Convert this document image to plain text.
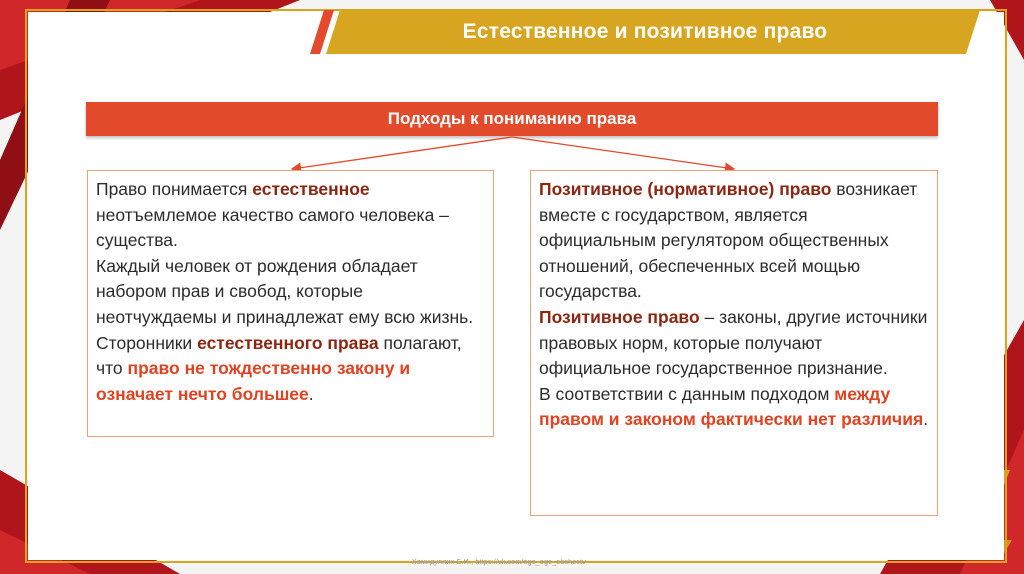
Естественное и позитивное право
Подходы к пониманию права
Право понимается естественное неотъемлемое качество самого человека – существа.
Каждый человек от рождения обладает набором прав и свобод, которые неотчуждаемы и принадлежат ему всю жизнь.
Сторонники естественного права полагают, что право не тождественно закону и означает нечто большее.
Позитивное (нормативное) право возникает вместе с государством, является официальным регулятором общественных отношений, обеспеченных всей мощью государства.
Позитивное право – законы, другие источники правовых норм, которые получают официальное государственное признание.
В соответствии с данным подходом между правом и законом фактически нет различия.
Хамидуллин Б.И., https://vk.com/ege_oge_obshestv
